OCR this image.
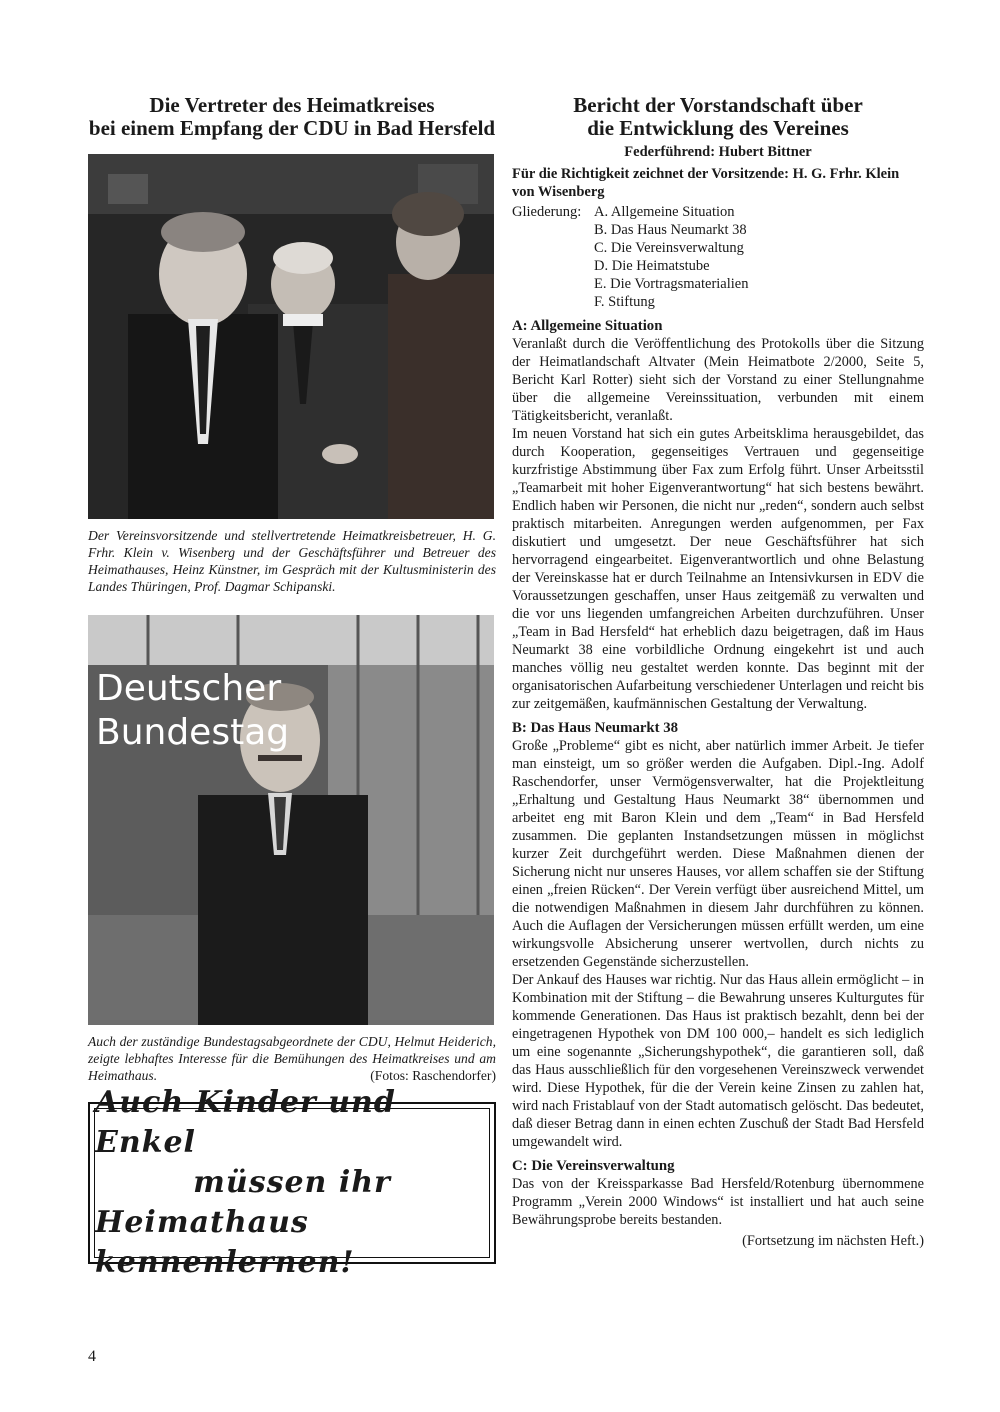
Die Vertreter des Heimatkreises
bei einem Empfang der CDU in Bad Hersfeld

Der Vereinsvorsitzende und stellvertretende Heimatkreisbetreuer, H. G. Frhr. Klein v. Wisenberg und der Geschäftsführer und Betreuer des Heimathauses, Heinz Künstner, im Gespräch mit der Kultusministerin des Landes Thüringen, Prof. Dagmar Schipanski.

Deutscher
Bundestag

Auch der zuständige Bundestagsabgeordnete der CDU, Helmut Heiderich, zeigte lebhaftes Interesse für die Bemühungen des Heimatkreises und am Heimathaus.	(Fotos: Raschendorfer)

Auch Kinder und Enkel
müssen ihr
Heimathaus kennenlernen!
Bericht der Vorstandschaft über
die Entwicklung des Vereines
Federführend: Hubert Bittner
Für die Richtigkeit zeichnet der Vorsitzende: H. G. Frhr. Klein von Wisenberg
Gliederung: A. Allgemeine Situation
B. Das Haus Neumarkt 38
C. Die Vereinsverwaltung
D. Die Heimatstube
E. Die Vortragsmaterialien
F. Stiftung
A: Allgemeine Situation

Veranlaßt durch die Veröffentlichung des Protokolls über die Sitzung der Heimatlandschaft Altvater (Mein Heimatbote 2/2000, Seite 5, Bericht Karl Rotter) sieht sich der Vorstand zu einer Stellungnahme über die allgemeine Vereinssituation, verbunden mit einem Tätigkeitsbericht, veranlaßt.

Im neuen Vorstand hat sich ein gutes Arbeitsklima herausgebildet, das durch Kooperation, gegenseitiges Vertrauen und gegenseitige kurzfristige Abstimmung über Fax zum Erfolg führt. Unser Arbeitsstil „Teamarbeit mit hoher Eigenverantwortung“ hat sich bestens bewährt. Endlich haben wir Personen, die nicht nur „reden“, sondern auch selbst praktisch mitarbeiten. Anregungen werden aufgenommen, per Fax diskutiert und umgesetzt. Der neue Geschäftsführer hat sich hervorragend eingearbeitet. Eigenverantwortlich und ohne Belastung der Vereinskasse hat er durch Teilnahme an Intensivkursen in EDV die Voraussetzungen geschaffen, unser Haus zeitgemäß zu verwalten und die vor uns liegenden umfangreichen Arbeiten durchzuführen. Unser „Team in Bad Hersfeld“ hat erheblich dazu beigetragen, daß im Haus Neumarkt 38 eine vorbildliche Ordnung eingekehrt ist und auch manches völlig neu gestaltet werden konnte. Das beginnt mit der organisatorischen Aufarbeitung verschiedener Unterlagen und reicht bis zur zeitgemäßen, kaufmännischen Gestaltung der Verwaltung.

B: Das Haus Neumarkt 38

Große „Probleme“ gibt es nicht, aber natürlich immer Arbeit. Je tiefer man einsteigt, um so größer werden die Aufgaben. Dipl.-Ing. Adolf Raschendorfer, unser Vermögensverwalter, hat die Projektleitung „Erhaltung und Gestaltung Haus Neumarkt 38“ übernommen und arbeitet eng mit Baron Klein und dem „Team“ in Bad Hersfeld zusammen. Die geplanten Instandsetzungen müssen in möglichst kurzer Zeit durchgeführt werden. Diese Maßnahmen dienen der Sicherung nicht nur unseres Hauses, vor allem schaffen sie der Stiftung einen „freien Rücken“. Der Verein verfügt über ausreichend Mittel, um die notwendigen Maßnahmen in diesem Jahr durchführen zu können. Auch die Auflagen der Versicherungen müssen erfüllt werden, um eine wirkungsvolle Absicherung unserer wertvollen, durch nichts zu ersetzenden Gegenstände sicherzustellen.

Der Ankauf des Hauses war richtig. Nur das Haus allein ermöglicht – in Kombination mit der Stiftung – die Bewahrung unseres Kulturgutes für kommende Generationen. Das Haus ist praktisch bezahlt, denn bei der eingetragenen Hypothek von DM 100 000,– handelt es sich lediglich um eine sogenannte „Sicherungshypothek“, die garantieren soll, daß das Haus ausschließlich für den vorgesehenen Vereinszweck verwendet wird. Diese Hypothek, für die der Verein keine Zinsen zu zahlen hat, wird nach Fristablauf von der Stadt automatisch gelöscht. Das bedeutet, daß dieser Betrag dann in einen echten Zuschuß der Stadt Bad Hersfeld umgewandelt wird.

C: Die Vereinsverwaltung

Das von der Kreissparkasse Bad Hersfeld/Rotenburg übernommene Programm „Verein 2000 Windows“ ist installiert und hat auch seine Bewährungsprobe bereits bestanden.

(Fortsetzung im nächsten Heft.)
4
